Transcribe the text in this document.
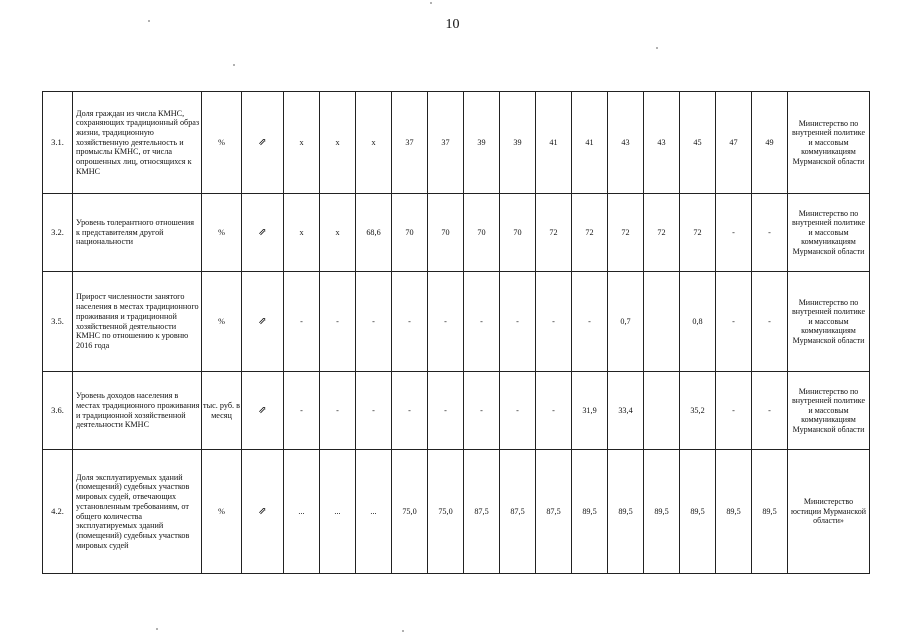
10
3.1.	Доля граждан из числа КМНС, сохраняющих традиционный образ жизни, традиционную хозяйственную деятельность и промыслы КМНС, от числа опрошенных лиц, относящихся к КМНС	%	⇗	х	х	х	37	37	39	39	41	41	43	43	45	47	49	Министерство по внутренней политике и массовым коммуникациям Мурманской области
3.2.	Уровень толерантного отношения к представителям другой национальности	%	⇗	х	х	68,6	70	70	70	70	72	72	72	72	72	-	-	Министерство по внутренней политике и массовым коммуникациям Мурманской области
3.5.	Прирост численности занятого населения в местах традиционного проживания и традиционной хозяйственной деятельности КМНС по отношению к уровню 2016 года	%	⇗	-	-	-	-	-	-	-	-	-	0,7		0,8	-	-	Министерство по внутренней политике и массовым коммуникациям Мурманской области
3.6.	Уровень доходов населения в местах традиционного проживания и традиционной хозяйственной деятельности КМНС	тыс. руб. в месяц	⇗	-	-	-	-	-	-	-	-	31,9	33,4		35,2	-	-	Министерство по внутренней политике и массовым коммуникациям Мурманской области
4.2.	Доля эксплуатируемых зданий (помещений) судебных участков мировых судей, отвечающих установленным требованиям, от общего количества эксплуатируемых зданий (помещений) судебных участков мировых судей	%	⇗	...	...	...	75,0	75,0	87,5	87,5	87,5	89,5	89,5	89,5	89,5	89,5	89,5	Министерство юстиции Мурманской области»
